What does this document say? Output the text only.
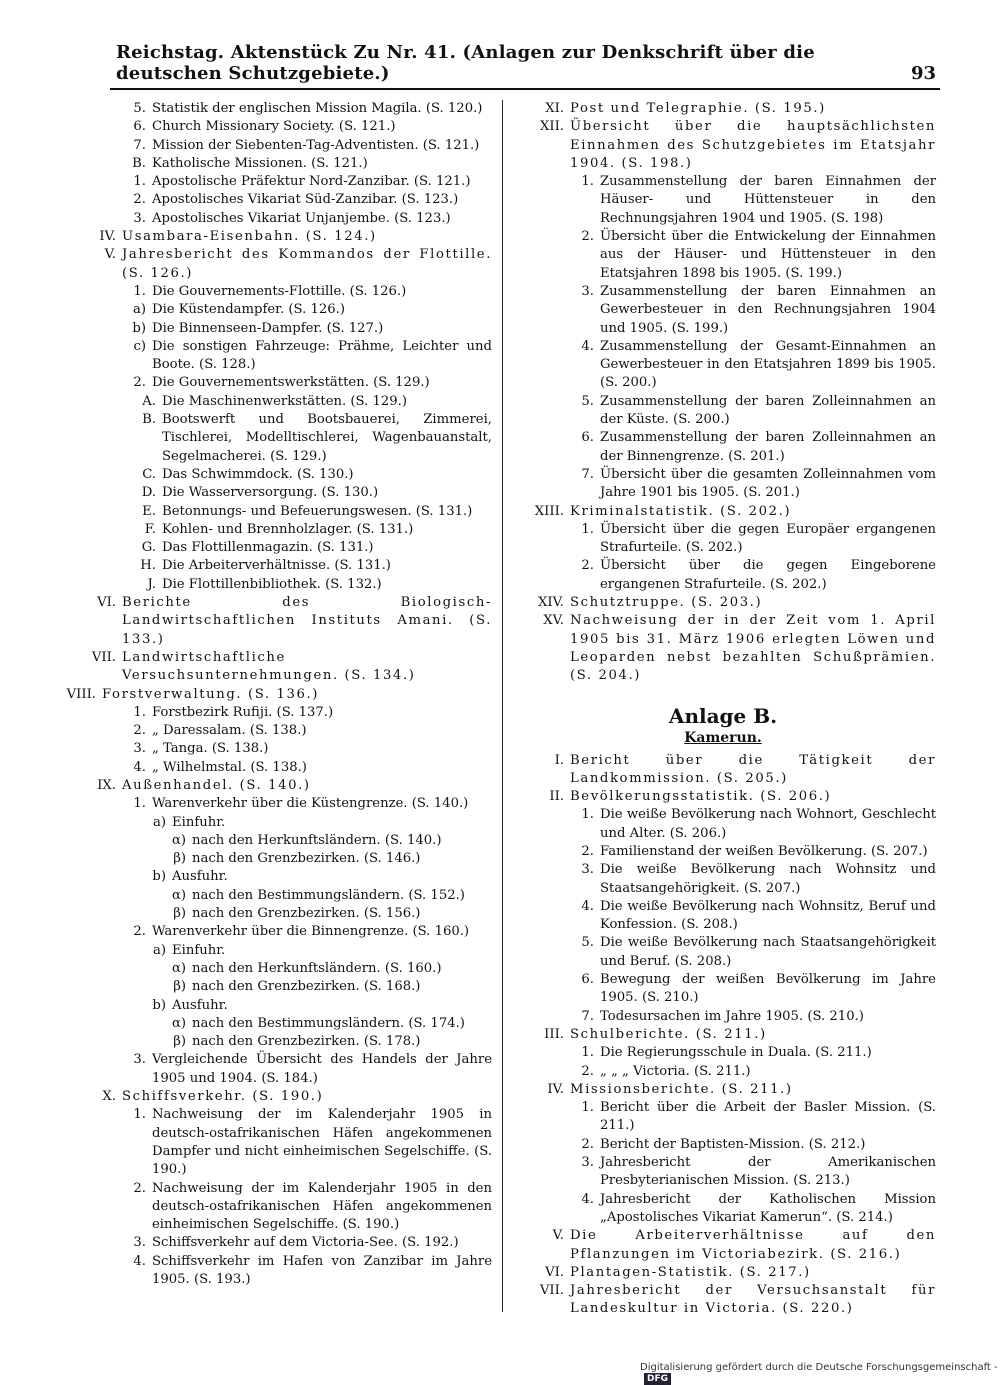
Reichstag. Aktenstück Zu Nr. 41. (Anlagen zur Denkschrift über die deutschen Schutzgebiete.)	93
5. Statistik der englischen Mission Magila. (S. 120.)
6. Church Missionary Society. (S. 121.)
7. Mission der Siebenten-Tag-Adventisten. (S. 121.)
B. Katholische Missionen. (S. 121.)
1. Apostolische Präfektur Nord-Zanzibar. (S. 121.)
2. Apostolisches Vikariat Süd-Zanzibar. (S. 123.)
3. Apostolisches Vikariat Unjanjembe. (S. 123.)
IV. Usambara-Eisenbahn. (S. 124.)
V. Jahresbericht des Kommandos der Flottille. (S. 126.)
1. Die Gouvernements-Flottille. (S. 126.)
a) Die Küstendampfer. (S. 126.)
b) Die Binnenseen-Dampfer. (S. 127.)
c) Die sonstigen Fahrzeuge: Prähme, Leichter und Boote. (S. 128.)
2. Die Gouvernementswerkstätten. (S. 129.)
A. Die Maschinenwerkstätten. (S. 129.)
B. Bootswerft und Bootsbauerei, Zimmerei, Tischlerei, Modelltischlerei, Wagenbauanstalt, Segelmacherei. (S. 129.)
C. Das Schwimmdock. (S. 130.)
D. Die Wasserversorgung. (S. 130.)
E. Betonnungs- und Befeuerungswesen. (S. 131.)
F. Kohlen- und Brennholzlager. (S. 131.)
G. Das Flottillenmagazin. (S. 131.)
H. Die Arbeiterverhältnisse. (S. 131.)
J. Die Flottillenbibliothek. (S. 132.)
VI. Berichte des Biologisch-Landwirtschaftlichen Instituts Amani. (S. 133.)
VII. Landwirtschaftliche Versuchsunternehmungen. (S. 134.)
VIII. Forstverwaltung. (S. 136.)
1. Forstbezirk Rufiji. (S. 137.)
2. „ Daressalam. (S. 138.)
3. „ Tanga. (S. 138.)
4. „ Wilhelmstal. (S. 138.)
IX. Außenhandel. (S. 140.)
1. Warenverkehr über die Küstengrenze. (S. 140.)
a) Einfuhr.
α) nach den Herkunftsländern. (S. 140.)
β) nach den Grenzbezirken. (S. 146.)
b) Ausfuhr.
α) nach den Bestimmungsländern. (S. 152.)
β) nach den Grenzbezirken. (S. 156.)
2. Warenverkehr über die Binnengrenze. (S. 160.)
a) Einfuhr.
α) nach den Herkunftsländern. (S. 160.)
β) nach den Grenzbezirken. (S. 168.)
b) Ausfuhr.
α) nach den Bestimmungsländern. (S. 174.)
β) nach den Grenzbezirken. (S. 178.)
3. Vergleichende Übersicht des Handels der Jahre 1905 und 1904. (S. 184.)
X. Schiffsverkehr. (S. 190.)
1. Nachweisung der im Kalenderjahr 1905 in deutsch-ostafrikanischen Häfen angekommenen Dampfer und nicht einheimischen Segelschiffe. (S. 190.)
2. Nachweisung der im Kalenderjahr 1905 in den deutsch-ostafrikanischen Häfen angekommenen einheimischen Segelschiffe. (S. 190.)
3. Schiffsverkehr auf dem Victoria-See. (S. 192.)
4. Schiffsverkehr im Hafen von Zanzibar im Jahre 1905. (S. 193.)
XI. Post und Telegraphie. (S. 195.)
XII. Übersicht über die hauptsächlichsten Einnahmen des Schutzgebietes im Etatsjahr 1904. (S. 198.)
1. Zusammenstellung der baren Einnahmen der Häuser- und Hüttensteuer in den Rechnungsjahren 1904 und 1905. (S. 198)
2. Übersicht über die Entwickelung der Einnahmen aus der Häuser- und Hüttensteuer in den Etatsjahren 1898 bis 1905. (S. 199.)
3. Zusammenstellung der baren Einnahmen an Gewerbesteuer in den Rechnungsjahren 1904 und 1905. (S. 199.)
4. Zusammenstellung der Gesamt-Einnahmen an Gewerbesteuer in den Etatsjahren 1899 bis 1905. (S. 200.)
5. Zusammenstellung der baren Zolleinnahmen an der Küste. (S. 200.)
6. Zusammenstellung der baren Zolleinnahmen an der Binnengrenze. (S. 201.)
7. Übersicht über die gesamten Zolleinnahmen vom Jahre 1901 bis 1905. (S. 201.)
XIII. Kriminalstatistik. (S. 202.)
1. Übersicht über die gegen Europäer ergangenen Strafurteile. (S. 202.)
2. Übersicht über die gegen Eingeborene ergangenen Strafurteile. (S. 202.)
XIV. Schutztruppe. (S. 203.)
XV. Nachweisung der in der Zeit vom 1. April 1905 bis 31. März 1906 erlegten Löwen und Leoparden nebst bezahlten Schußprämien. (S. 204.)
Anlage B.
Kamerun.
I. Bericht über die Tätigkeit der Landkommission. (S. 205.)
II. Bevölkerungsstatistik. (S. 206.)
1. Die weiße Bevölkerung nach Wohnort, Geschlecht und Alter. (S. 206.)
2. Familienstand der weißen Bevölkerung. (S. 207.)
3. Die weiße Bevölkerung nach Wohnsitz und Staatsangehörigkeit. (S. 207.)
4. Die weiße Bevölkerung nach Wohnsitz, Beruf und Konfession. (S. 208.)
5. Die weiße Bevölkerung nach Staatsangehörigkeit und Beruf. (S. 208.)
6. Bewegung der weißen Bevölkerung im Jahre 1905. (S. 210.)
7. Todesursachen im Jahre 1905. (S. 210.)
III. Schulberichte. (S. 211.)
1. Die Regierungsschule in Duala. (S. 211.)
2. „ „ „ Victoria. (S. 211.)
IV. Missionsberichte. (S. 211.)
1. Bericht über die Arbeit der Basler Mission. (S. 211.)
2. Bericht der Baptisten-Mission. (S. 212.)
3. Jahresbericht der Amerikanischen Presbyterianischen Mission. (S. 213.)
4. Jahresbericht der Katholischen Mission „Apostolisches Vikariat Kamerun“. (S. 214.)
V. Die Arbeiterverhältnisse auf den Pflanzungen im Victoriabezirk. (S. 216.)
VI. Plantagen-Statistik. (S. 217.)
VII. Jahresbericht der Versuchsanstalt für Landeskultur in Victoria. (S. 220.)
Digitalisierung gefördert durch die Deutsche Forschungsgemeinschaft -DFG
